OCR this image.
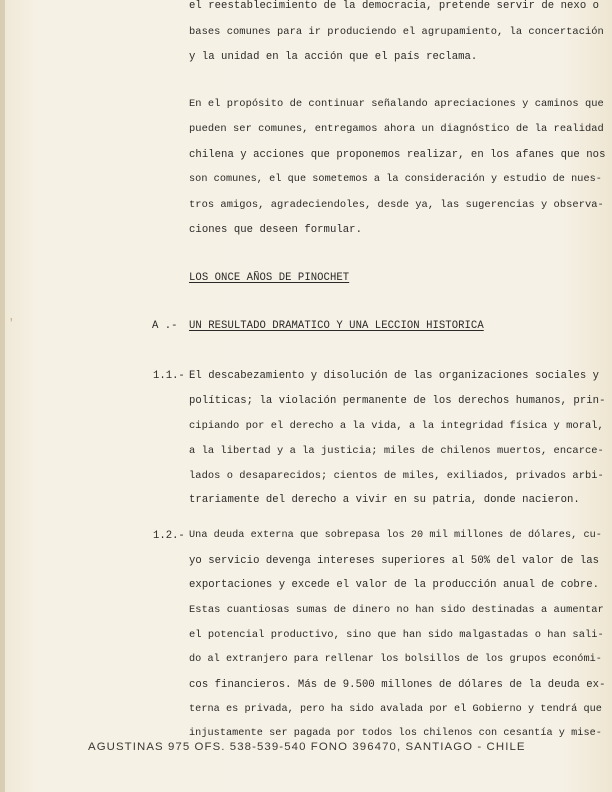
'
el reestablecimiento de la democracia, pretende servir de nexo o
bases comunes para ir produciendo el agrupamiento, la concertación
y la unidad en la acción que el país reclama.
En el propósito de continuar señalando apreciaciones y caminos que
pueden ser comunes, entregamos ahora un diagnóstico de la realidad
chilena y acciones que proponemos realizar, en los afanes que nos
son comunes, el que sometemos a la consideración y estudio de nues-
tros amigos, agradeciendoles, desde ya, las sugerencias y observa-
ciones que deseen formular.
LOS ONCE AÑOS DE PINOCHET
A .- UN RESULTADO DRAMATICO Y UNA LECCION HISTORICA
1.1.- El descabezamiento y disolución de las organizaciones sociales y
políticas; la violación permanente de los derechos humanos, prin-
cipiando por el derecho a la vida, a la integridad física y moral,
a la libertad y a la justicia; miles de chilenos muertos, encarce-
lados o desaparecidos; cientos de miles, exiliados, privados arbi-
trariamente del derecho a vivir en su patria, donde nacieron.
1.2.- Una deuda externa que sobrepasa los 20 mil millones de dólares, cu-
yo servicio devenga intereses superiores al 50% del valor de las
exportaciones y excede el valor de la producción anual de cobre.
Estas cuantiosas sumas de dinero no han sido destinadas a aumentar
el potencial productivo, sino que han sido malgastadas o han sali-
do al extranjero para rellenar los bolsillos de los grupos económi-
cos financieros. Más de 9.500 millones de dólares de la deuda ex-
terna es privada, pero ha sido avalada por el Gobierno y tendrá que
injustamente ser pagada por todos los chilenos con cesantía y mise-
AGUSTINAS 975 OFS. 538-539-540 FONO 396470, SANTIAGO - CHILE
